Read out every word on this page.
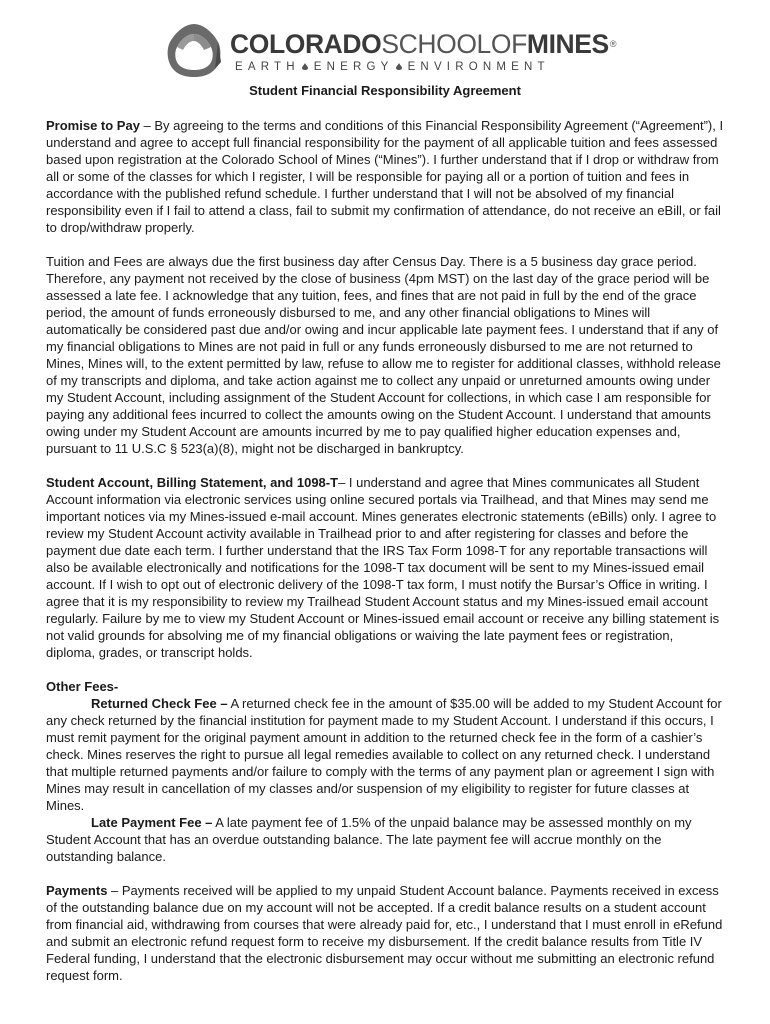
COLORADOSCHOOLOFMINES®
EARTH ENERGY ENVIRONMENT
Student Financial Responsibility Agreement

Promise to Pay – By agreeing to the terms and conditions of this Financial Responsibility Agreement (“Agreement”), I understand and agree to accept full financial responsibility for the payment of all applicable tuition and fees assessed based upon registration at the Colorado School of Mines (“Mines”). I further understand that if I drop or withdraw from all or some of the classes for which I register, I will be responsible for paying all or a portion of tuition and fees in accordance with the published refund schedule. I further understand that I will not be absolved of my financial responsibility even if I fail to attend a class, fail to submit my confirmation of attendance, do not receive an eBill, or fail to drop/withdraw properly.

Tuition and Fees are always due the first business day after Census Day. There is a 5 business day grace period. Therefore, any payment not received by the close of business (4pm MST) on the last day of the grace period will be assessed a late fee. I acknowledge that any tuition, fees, and fines that are not paid in full by the end of the grace period, the amount of funds erroneously disbursed to me, and any other financial obligations to Mines will automatically be considered past due and/or owing and incur applicable late payment fees. I understand that if any of my financial obligations to Mines are not paid in full or any funds erroneously disbursed to me are not returned to Mines, Mines will, to the extent permitted by law, refuse to allow me to register for additional classes, withhold release of my transcripts and diploma, and take action against me to collect any unpaid or unreturned amounts owing under my Student Account, including assignment of the Student Account for collections, in which case I am responsible for paying any additional fees incurred to collect the amounts owing on the Student Account. I understand that amounts owing under my Student Account are amounts incurred by me to pay qualified higher education expenses and, pursuant to 11 U.S.C § 523(a)(8), might not be discharged in bankruptcy.

Student Account, Billing Statement, and 1098-T– I understand and agree that Mines communicates all Student Account information via electronic services using online secured portals via Trailhead, and that Mines may send me important notices via my Mines-issued e-mail account. Mines generates electronic statements (eBills) only. I agree to review my Student Account activity available in Trailhead prior to and after registering for classes and before the payment due date each term. I further understand that the IRS Tax Form 1098-T for any reportable transactions will also be available electronically and notifications for the 1098-T tax document will be sent to my Mines-issued email account. If I wish to opt out of electronic delivery of the 1098-T tax form, I must notify the Bursar’s Office in writing. I agree that it is my responsibility to review my Trailhead Student Account status and my Mines-issued email account regularly. Failure by me to view my Student Account or Mines-issued email account or receive any billing statement is not valid grounds for absolving me of my financial obligations or waiving the late payment fees or registration, diploma, grades, or transcript holds.

Other Fees-

Returned Check Fee – A returned check fee in the amount of $35.00 will be added to my Student Account for any check returned by the financial institution for payment made to my Student Account. I understand if this occurs, I must remit payment for the original payment amount in addition to the returned check fee in the form of a cashier’s check. Mines reserves the right to pursue all legal remedies available to collect on any returned check. I understand that multiple returned payments and/or failure to comply with the terms of any payment plan or agreement I sign with Mines may result in cancellation of my classes and/or suspension of my eligibility to register for future classes at Mines.

Late Payment Fee – A late payment fee of 1.5% of the unpaid balance may be assessed monthly on my Student Account that has an overdue outstanding balance. The late payment fee will accrue monthly on the outstanding balance.

Payments – Payments received will be applied to my unpaid Student Account balance. Payments received in excess of the outstanding balance due on my account will not be accepted. If a credit balance results on a student account from financial aid, withdrawing from courses that were already paid for, etc., I understand that I must enroll in eRefund and submit an electronic refund request form to receive my disbursement. If the credit balance results from Title IV Federal funding, I understand that the electronic disbursement may occur without me submitting an electronic refund request form.
